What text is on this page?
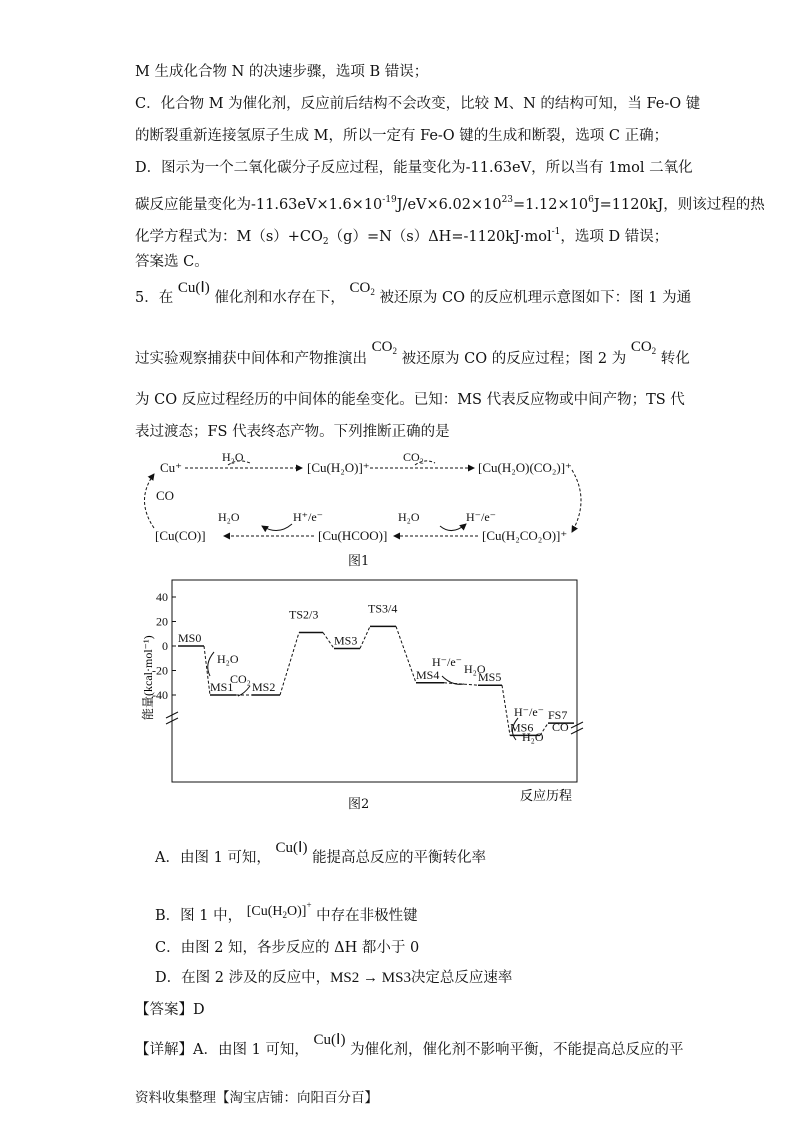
M 生成化合物 N 的决速步骤，选项 B 错误；
C．化合物 M 为催化剂，反应前后结构不会改变，比较 M、N 的结构可知，当 Fe-O 键
的断裂重新连接氢原子生成 M，所以一定有 Fe-O 键的生成和断裂，选项 C 正确；
D．图示为一个二氧化碳分子反应过程，能量变化为-11.63eV，所以当有 1mol 二氧化
碳反应能量变化为$-11.63eV\times 1.6\times 10^{-19}J/eV\times 6.02\times 10^{23}=1.12\times 10^6J=1120kJ$，则该过程的热
化学方程式为：$M(s)+CO_2(g)=N(s)\Delta H=-1120kJ\cdot mol^{-1}$，选项 D 错误；
答案选 C。
5．在 Cu(Ⅰ) 催化剂和水存在下， $CO_2$ 被还原为 CO 的反应机理示意图如下：图 1 为通
过实验观察捕获中间体和产物推演出 $CO_2$ 被还原为 CO 的反应过程；图 2 为 $CO_2$ 转化
为 CO 反应过程经历的中间体的能垒变化。已知：MS 代表反应物或中间产物；TS 代
表过渡态；FS 代表终态产物。下列推断正确的是
Cu⁺
H₂O
[Cu(H₂O)]⁺
CO₂
[Cu(H₂O)(CO₂)]⁺
CO
[Cu(CO)]
H₂O	H⁺/e⁻
[Cu(HCOO)]
H₂O	H⁻/e⁻
[Cu(H₂CO₂O)]⁺
图1
40
20
0
-20
-40
能量(kcal·mol⁻¹) MS0
MS1 MS2
TS2/3
MS3
TS3/4
MS4	MS5
MS6
FS7
H₂O
CO₂
H⁻/e⁻ H₂O
H⁻/e⁻
H₂O
CO
反应历程
图2
A．由图 1 可知， Cu(Ⅰ) 能提高总反应的平衡转化率
B．图 1 中， $[Cu(H_2O)]^+$ 中存在非极性键
C．由图 2 知，各步反应的 ΔH 都小于 0
D．在图 2 涉及的反应中，MS2 → MS3决定总反应速率
【答案】D
【详解】A．由图 1 可知， Cu(Ⅰ) 为催化剂，催化剂不影响平衡，不能提高总反应的平
资料收集整理【淘宝店铺：向阳百分百】
